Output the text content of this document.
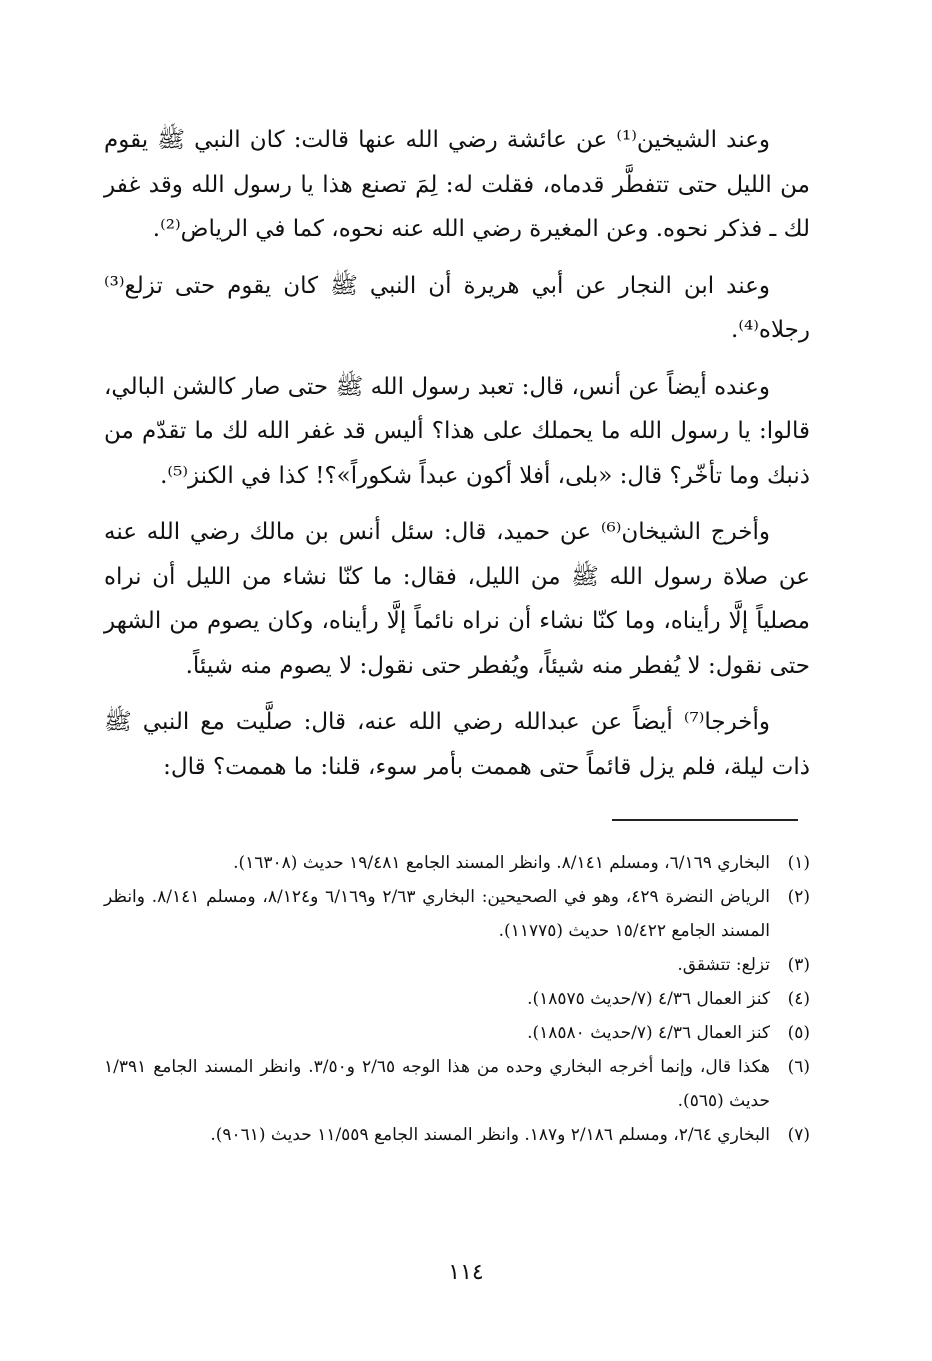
وعند الشيخين⁽¹⁾ عن عائشة رضي الله عنها قالت: كان النبي ﷺ يقوم من الليل حتى تتفطَّر قدماه، فقلت له: لِمَ تصنع هذا يا رسول الله وقد غفر لك ـ فذكر نحوه. وعن المغيرة رضي الله عنه نحوه، كما في الرياض⁽²⁾.

وعند ابن النجار عن أبي هريرة أن النبي ﷺ كان يقوم حتى تزلع⁽³⁾ رجلاه⁽⁴⁾.

وعنده أيضاً عن أنس، قال: تعبد رسول الله ﷺ حتى صار كالشن البالي، قالوا: يا رسول الله ما يحملك على هذا؟ أليس قد غفر الله لك ما تقدّم من ذنبك وما تأخّر؟ قال: «بلى، أفلا أكون عبداً شكوراً»؟! كذا في الكنز⁽⁵⁾.

وأخرج الشيخان⁽⁶⁾ عن حميد، قال: سئل أنس بن مالك رضي الله عنه عن صلاة رسول الله ﷺ من الليل، فقال: ما كنّا نشاء من الليل أن نراه مصلياً إلَّا رأيناه، وما كنّا نشاء أن نراه نائماً إلَّا رأيناه، وكان يصوم من الشهر حتى نقول: لا يُفطر منه شيئاً، ويُفطر حتى نقول: لا يصوم منه شيئاً.

وأخرجا⁽⁷⁾ أيضاً عن عبدالله رضي الله عنه، قال: صلَّيت مع النبي ﷺ ذات ليلة، فلم يزل قائماً حتى هممت بأمر سوء، قلنا: ما هممت؟ قال:

(١)
البخاري ٦/١٦٩، ومسلم ٨/١٤١. وانظر المسند الجامع ١٩/٤٨١ حديث (١٦٣٠٨).
(٢)
الرياض النضرة ٤٢٩، وهو في الصحيحين: البخاري ٢/٦٣ و٦/١٦٩ و٨/١٢٤، ومسلم ٨/١٤١. وانظر المسند الجامع ١٥/٤٢٢ حديث (١١٧٧٥).
(٣)
تزلع: تتشقق.
(٤)
كنز العمال ٤/٣٦ (٧/حديث ١٨٥٧٥).
(٥)
كنز العمال ٤/٣٦ (٧/حديث ١٨٥٨٠).
(٦)
هكذا قال، وإنما أخرجه البخاري وحده من هذا الوجه ٢/٦٥ و٣/٥٠. وانظر المسند الجامع ١/٣٩١ حديث (٥٦٥).
(٧)
البخاري ٢/٦٤، ومسلم ٢/١٨٦ و١٨٧. وانظر المسند الجامع ١١/٥٥٩ حديث (٩٠٦١).
١١٤
